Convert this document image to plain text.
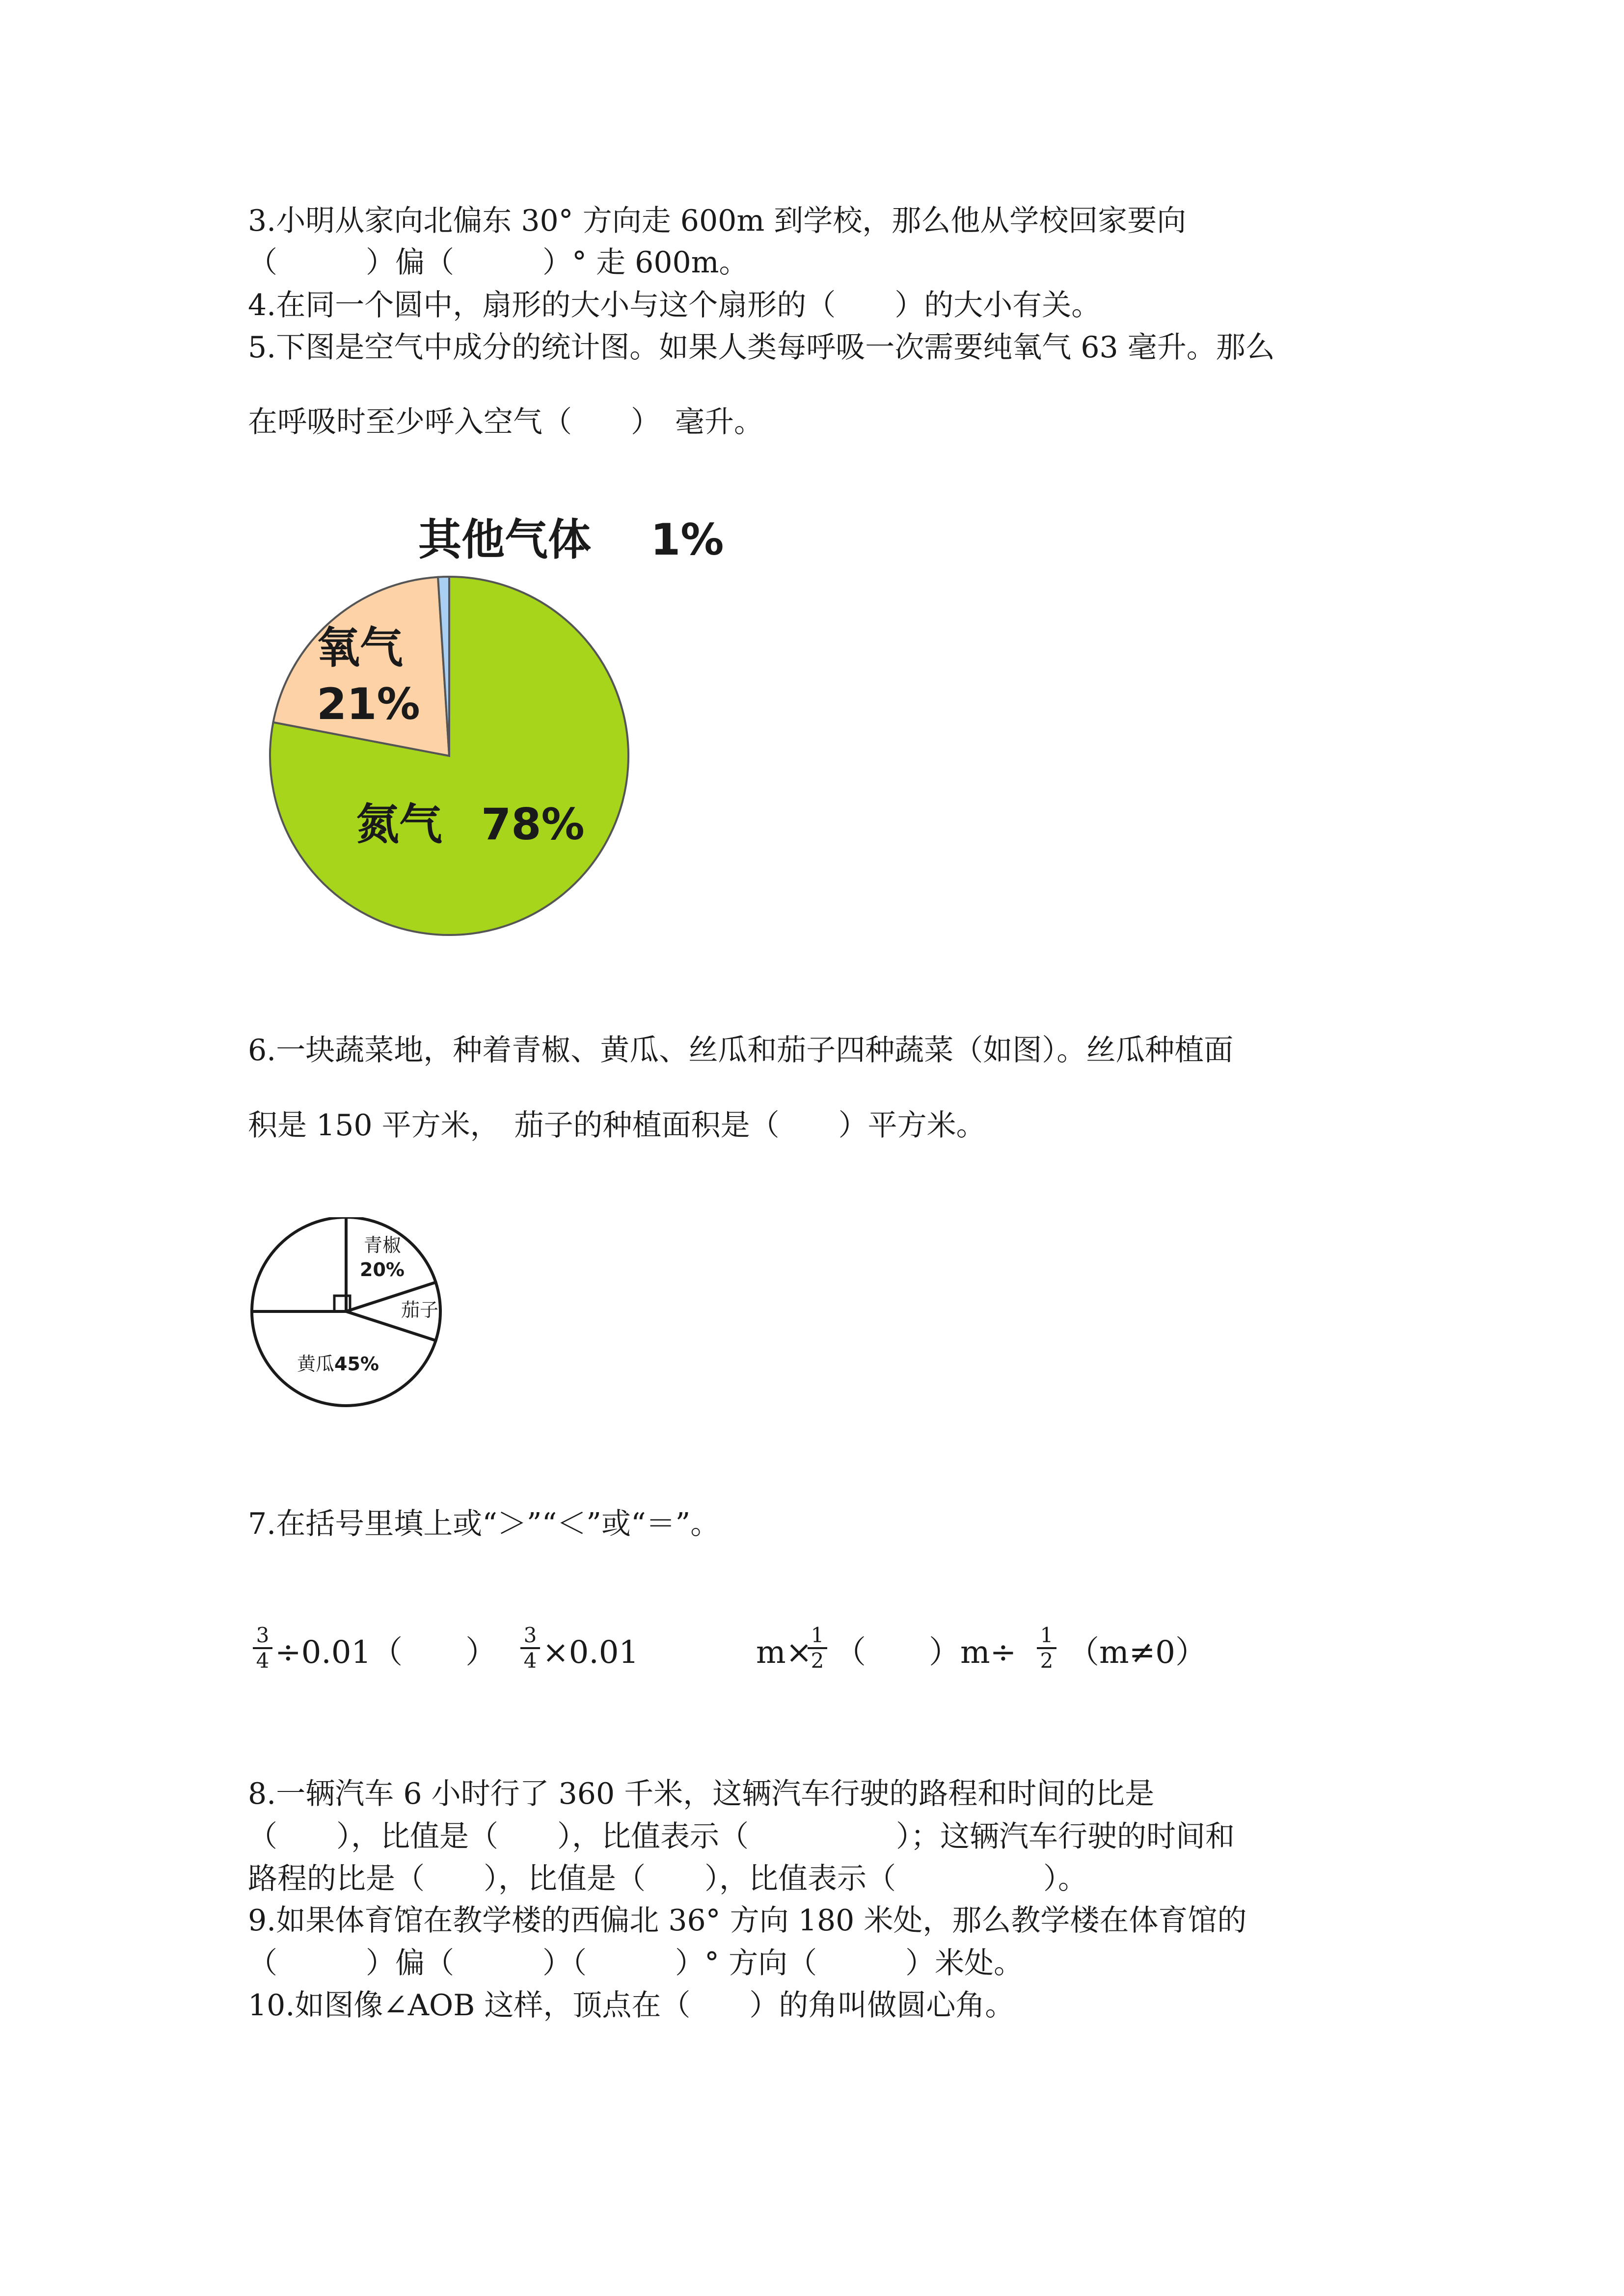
3.小明从家向北偏东 30° 方向走 600m 到学校，那么他从学校回家要向
（　　　）偏（　　　）° 走 600m。
4.在同一个圆中，扇形的大小与这个扇形的（　　）的大小有关。
5.下图是空气中成分的统计图。如果人类每呼吸一次需要纯氧气 63 毫升。那么
在呼吸时至少呼入空气（　　）　毫升。
其他气体 1%
氧气
21%
氮气 78%
6.一块蔬菜地，种着青椒、黄瓜、丝瓜和茄子四种蔬菜（如图）。丝瓜种植面
积是 150 平方米，　茄子的种植面积是（　　）平方米。
青椒
20%
茄子
黄瓜 45%
7.在括号里填上或“＞”“＜”或“＝”。
3
4 ÷0.01（　　） 3
4 ×0.01	m×
1
2 （　　）m÷ 1
2 （m≠0）
8.一辆汽车 6 小时行了 360 千米，这辆汽车行驶的路程和时间的比是
（　　），比值是（　　），比值表示（　　　　　）；这辆汽车行驶的时间和
路程的比是（　　），比值是（　　），比值表示（　　　　　）。
9.如果体育馆在教学楼的西偏北 36° 方向 180 米处，那么教学楼在体育馆的
（　　　）偏（　　　）（　　　）° 方向（　　　）米处。
10.如图像∠AOB 这样，顶点在（　　）的角叫做圆心角。
